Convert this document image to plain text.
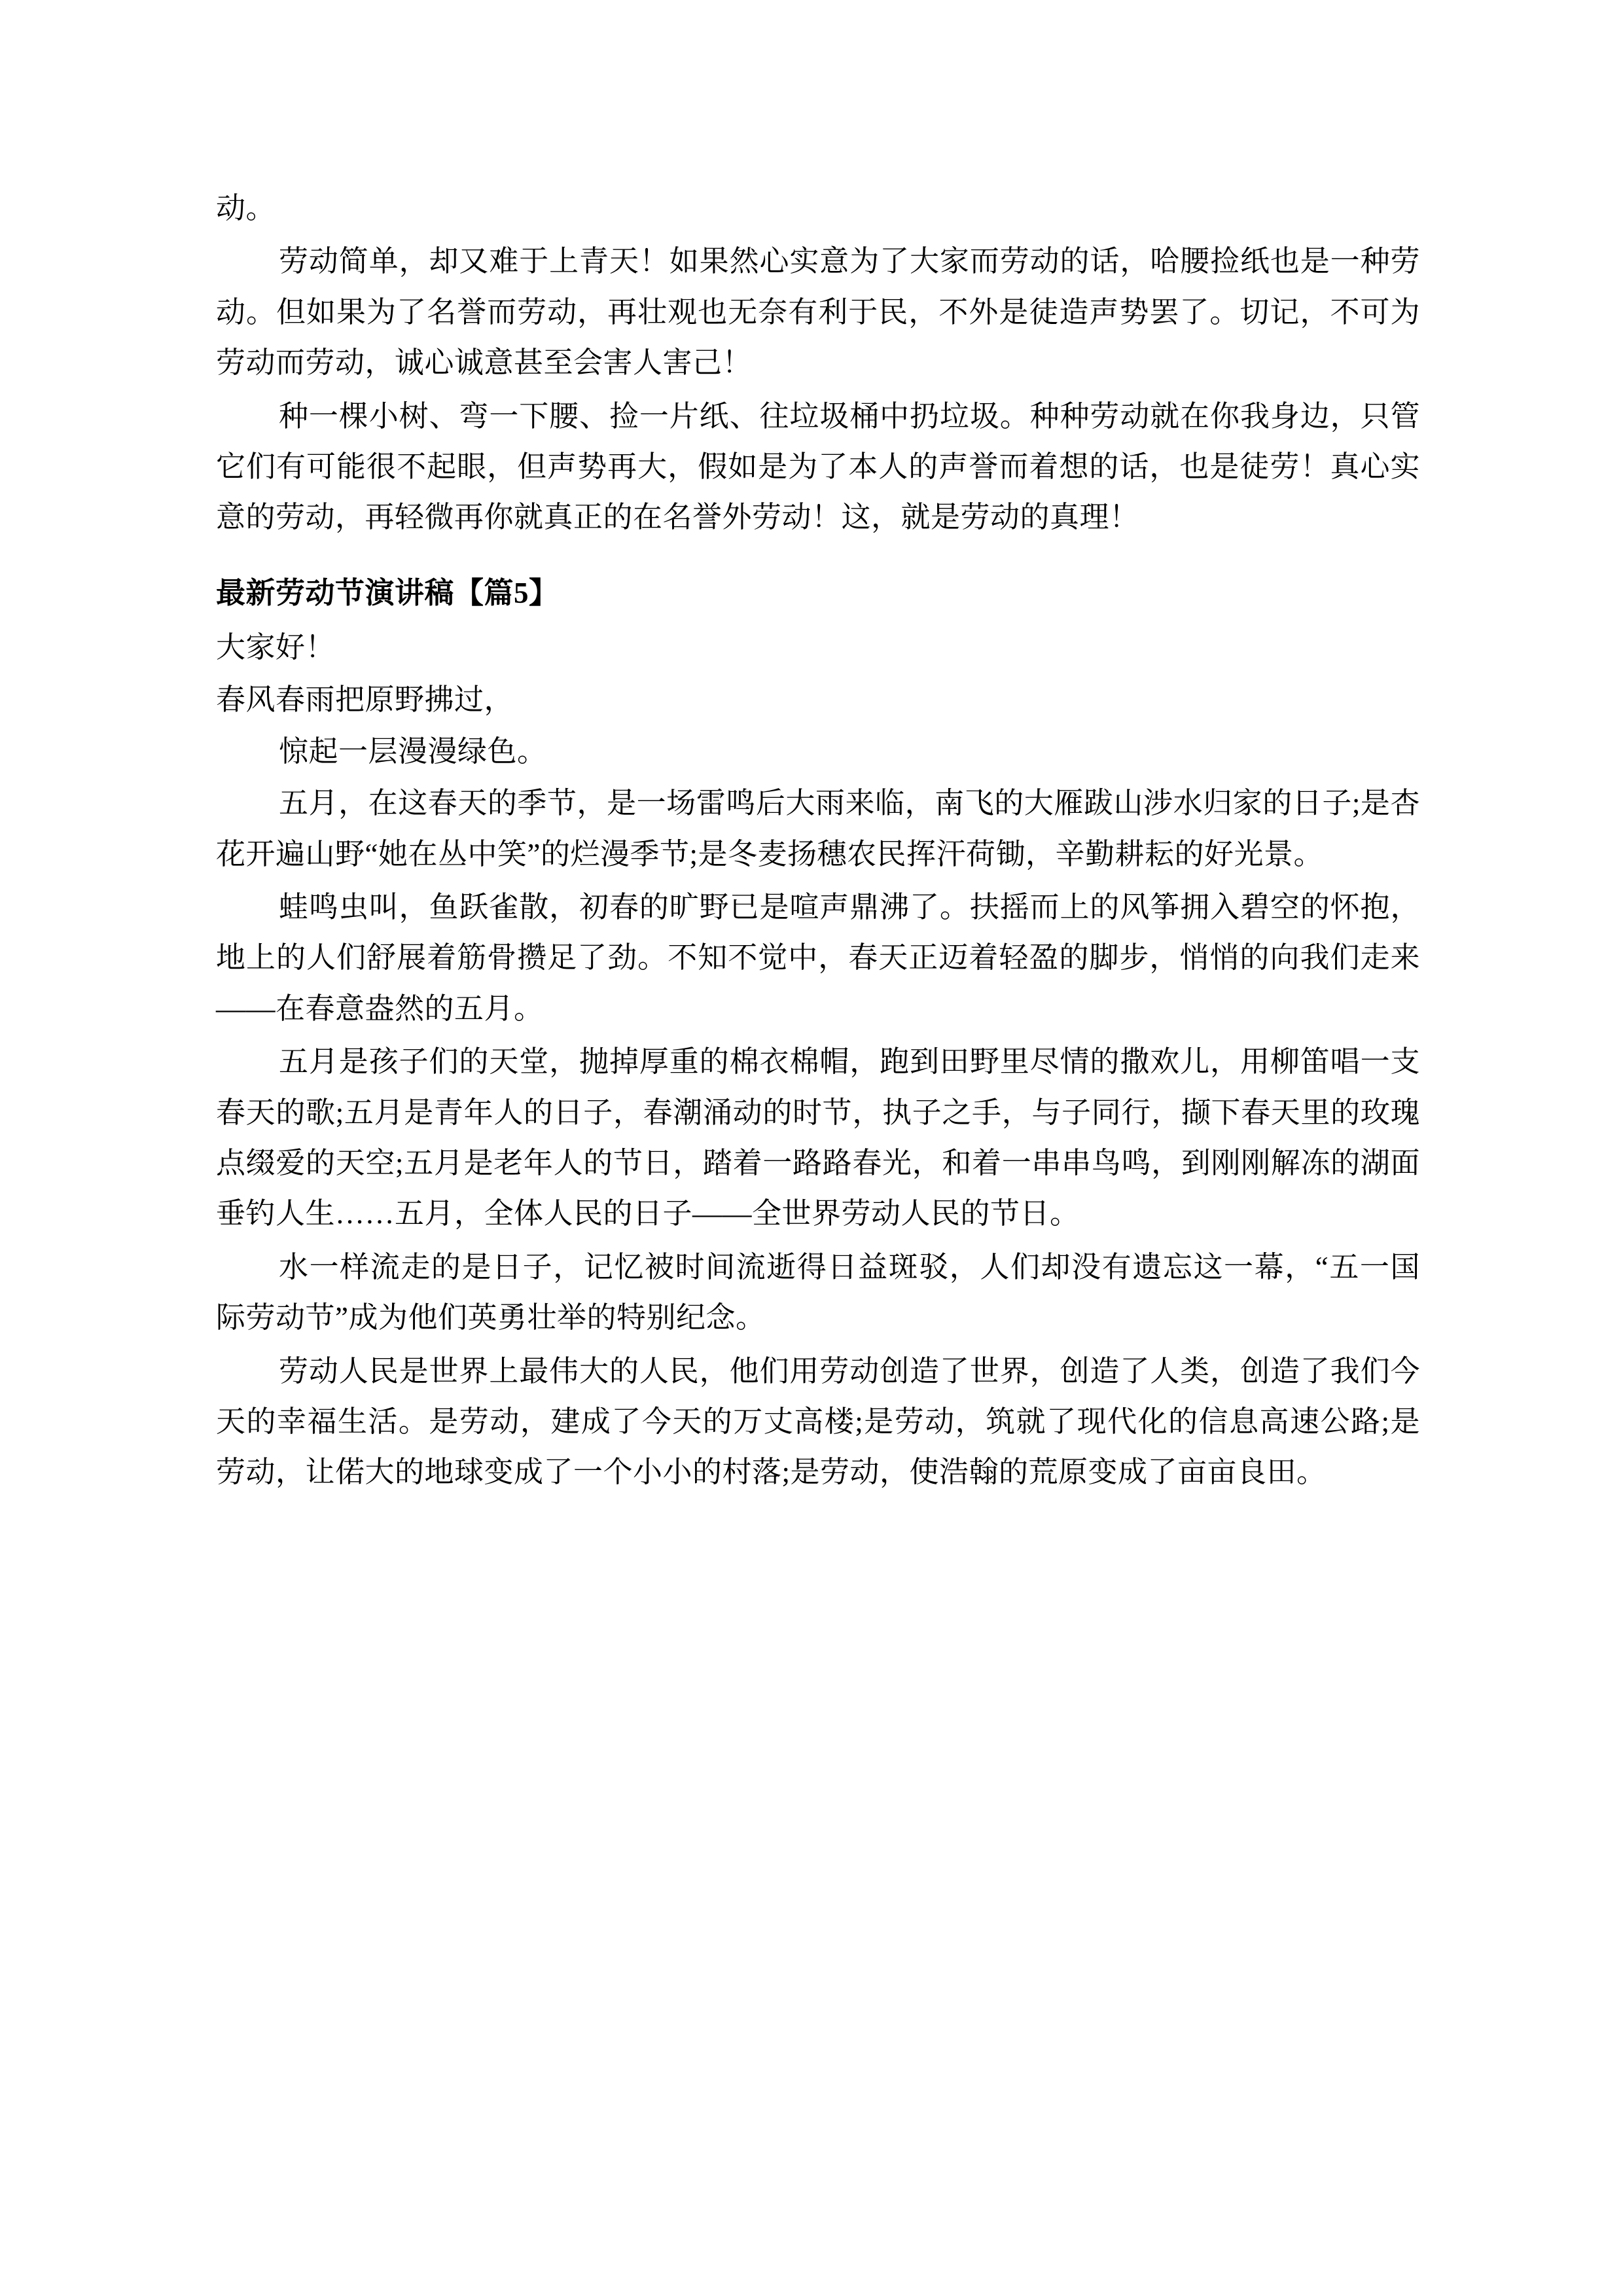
动。

劳动简单，却又难于上青天！如果然心实意为了大家而劳动的话，哈腰捡纸也是一种劳动。但如果为了名誉而劳动，再壮观也无奈有利于民，不外是徒造声势罢了。切记，不可为劳动而劳动，诚心诚意甚至会害人害己！

种一棵小树、弯一下腰、捡一片纸、往垃圾桶中扔垃圾。种种劳动就在你我身边，只管它们有可能很不起眼，但声势再大，假如是为了本人的声誉而着想的话，也是徒劳！真心实意的劳动，再轻微再你就真正的在名誉外劳动！这，就是劳动的真理！

最新劳动节演讲稿【篇5】

大家好！

春风春雨把原野拂过，

惊起一层漫漫绿色。

五月，在这春天的季节，是一场雷鸣后大雨来临，南飞的大雁跋山涉水归家的日子;是杏花开遍山野“她在丛中笑”的烂漫季节;是冬麦扬穗农民挥汗荷锄，辛勤耕耘的好光景。

蛙鸣虫叫，鱼跃雀散，初春的旷野已是喧声鼎沸了。扶摇而上的风筝拥入碧空的怀抱，地上的人们舒展着筋骨攒足了劲。不知不觉中，春天正迈着轻盈的脚步，悄悄的向我们走来——在春意盎然的五月。

五月是孩子们的天堂，抛掉厚重的棉衣棉帽，跑到田野里尽情的撒欢儿，用柳笛唱一支春天的歌;五月是青年人的日子，春潮涌动的时节，执子之手，与子同行，撷下春天里的玫瑰点缀爱的天空;五月是老年人的节日，踏着一路路春光，和着一串串鸟鸣，到刚刚解冻的湖面垂钓人生……五月，全体人民的日子——全世界劳动人民的节日。

水一样流走的是日子，记忆被时间流逝得日益斑驳，人们却没有遗忘这一幕，“五一国际劳动节”成为他们英勇壮举的特别纪念。

劳动人民是世界上最伟大的人民，他们用劳动创造了世界，创造了人类，创造了我们今天的幸福生活。是劳动，建成了今天的万丈高楼;是劳动，筑就了现代化的信息高速公路;是劳动，让偌大的地球变成了一个小小的村落;是劳动，使浩翰的荒原变成了亩亩良田。
